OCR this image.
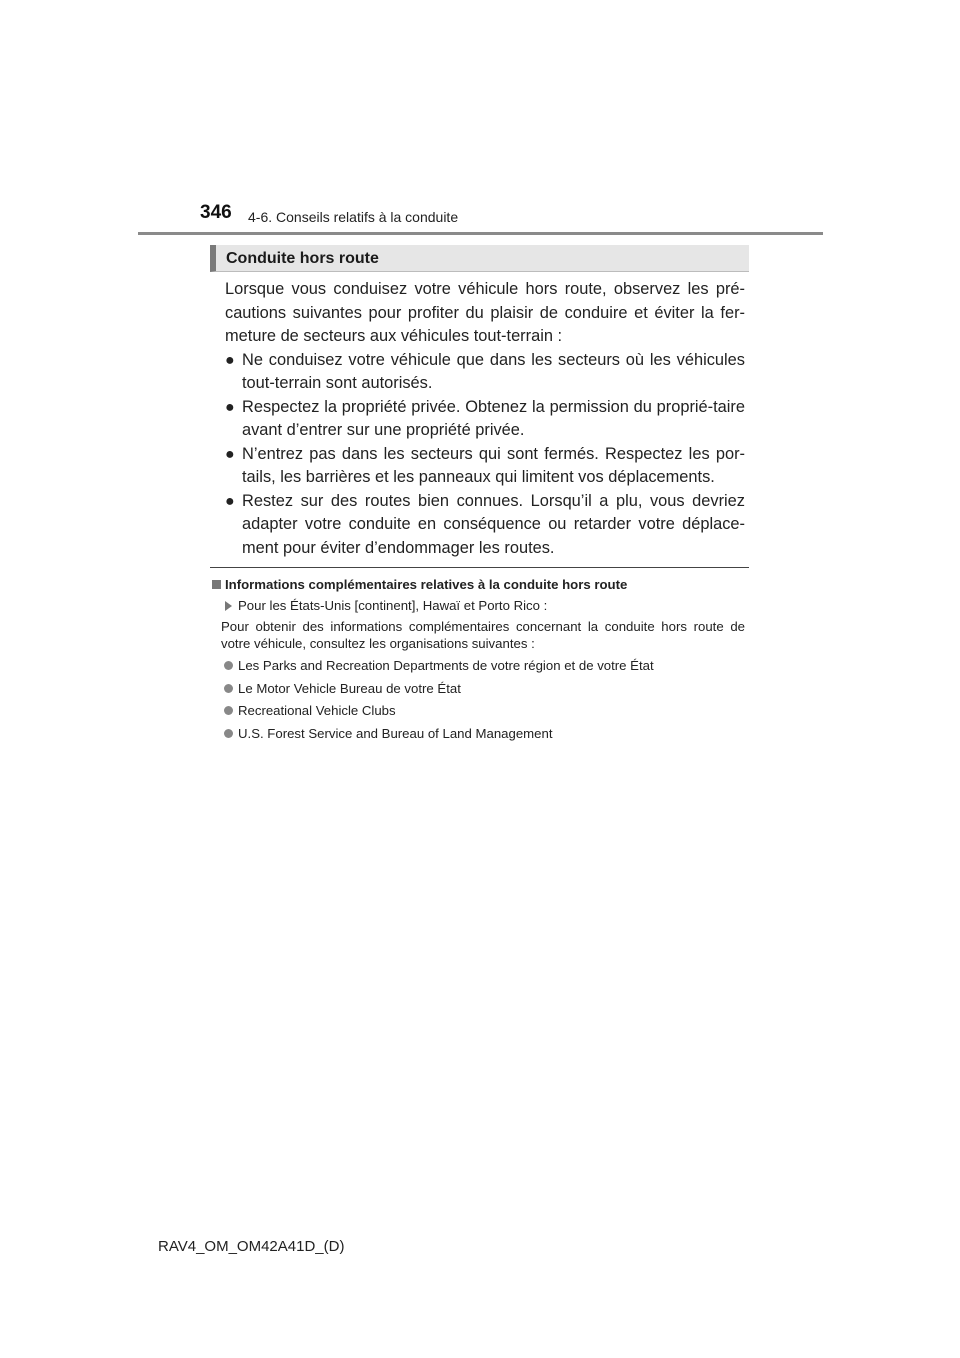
346 4-6. Conseils relatifs à la conduite
Conduite hors route

Lorsque vous conduisez votre véhicule hors route, observez les pré-cautions suivantes pour profiter du plaisir de conduire et éviter la fer-meture de secteurs aux véhicules tout-terrain :

● Ne conduisez votre véhicule que dans les secteurs où les véhicules tout-terrain sont autorisés.
● Respectez la propriété privée. Obtenez la permission du proprié-taire avant d’entrer sur une propriété privée.
● N’entrez pas dans les secteurs qui sont fermés. Respectez les por-tails, les barrières et les panneaux qui limitent vos déplacements.
● Restez sur des routes bien connues. Lorsqu’il a plu, vous devriez adapter votre conduite en conséquence ou retarder votre déplace-ment pour éviter d’endommager les routes.
Informations complémentaires relatives à la conduite hors route
Pour les États-Unis [continent], Hawaï et Porto Rico :
Pour obtenir des informations complémentaires concernant la conduite hors route de votre véhicule, consultez les organisations suivantes :
Les Parks and Recreation Departments de votre région et de votre État
Le Motor Vehicle Bureau de votre État
Recreational Vehicle Clubs
U.S. Forest Service and Bureau of Land Management
RAV4_OM_OM42A41D_(D)
